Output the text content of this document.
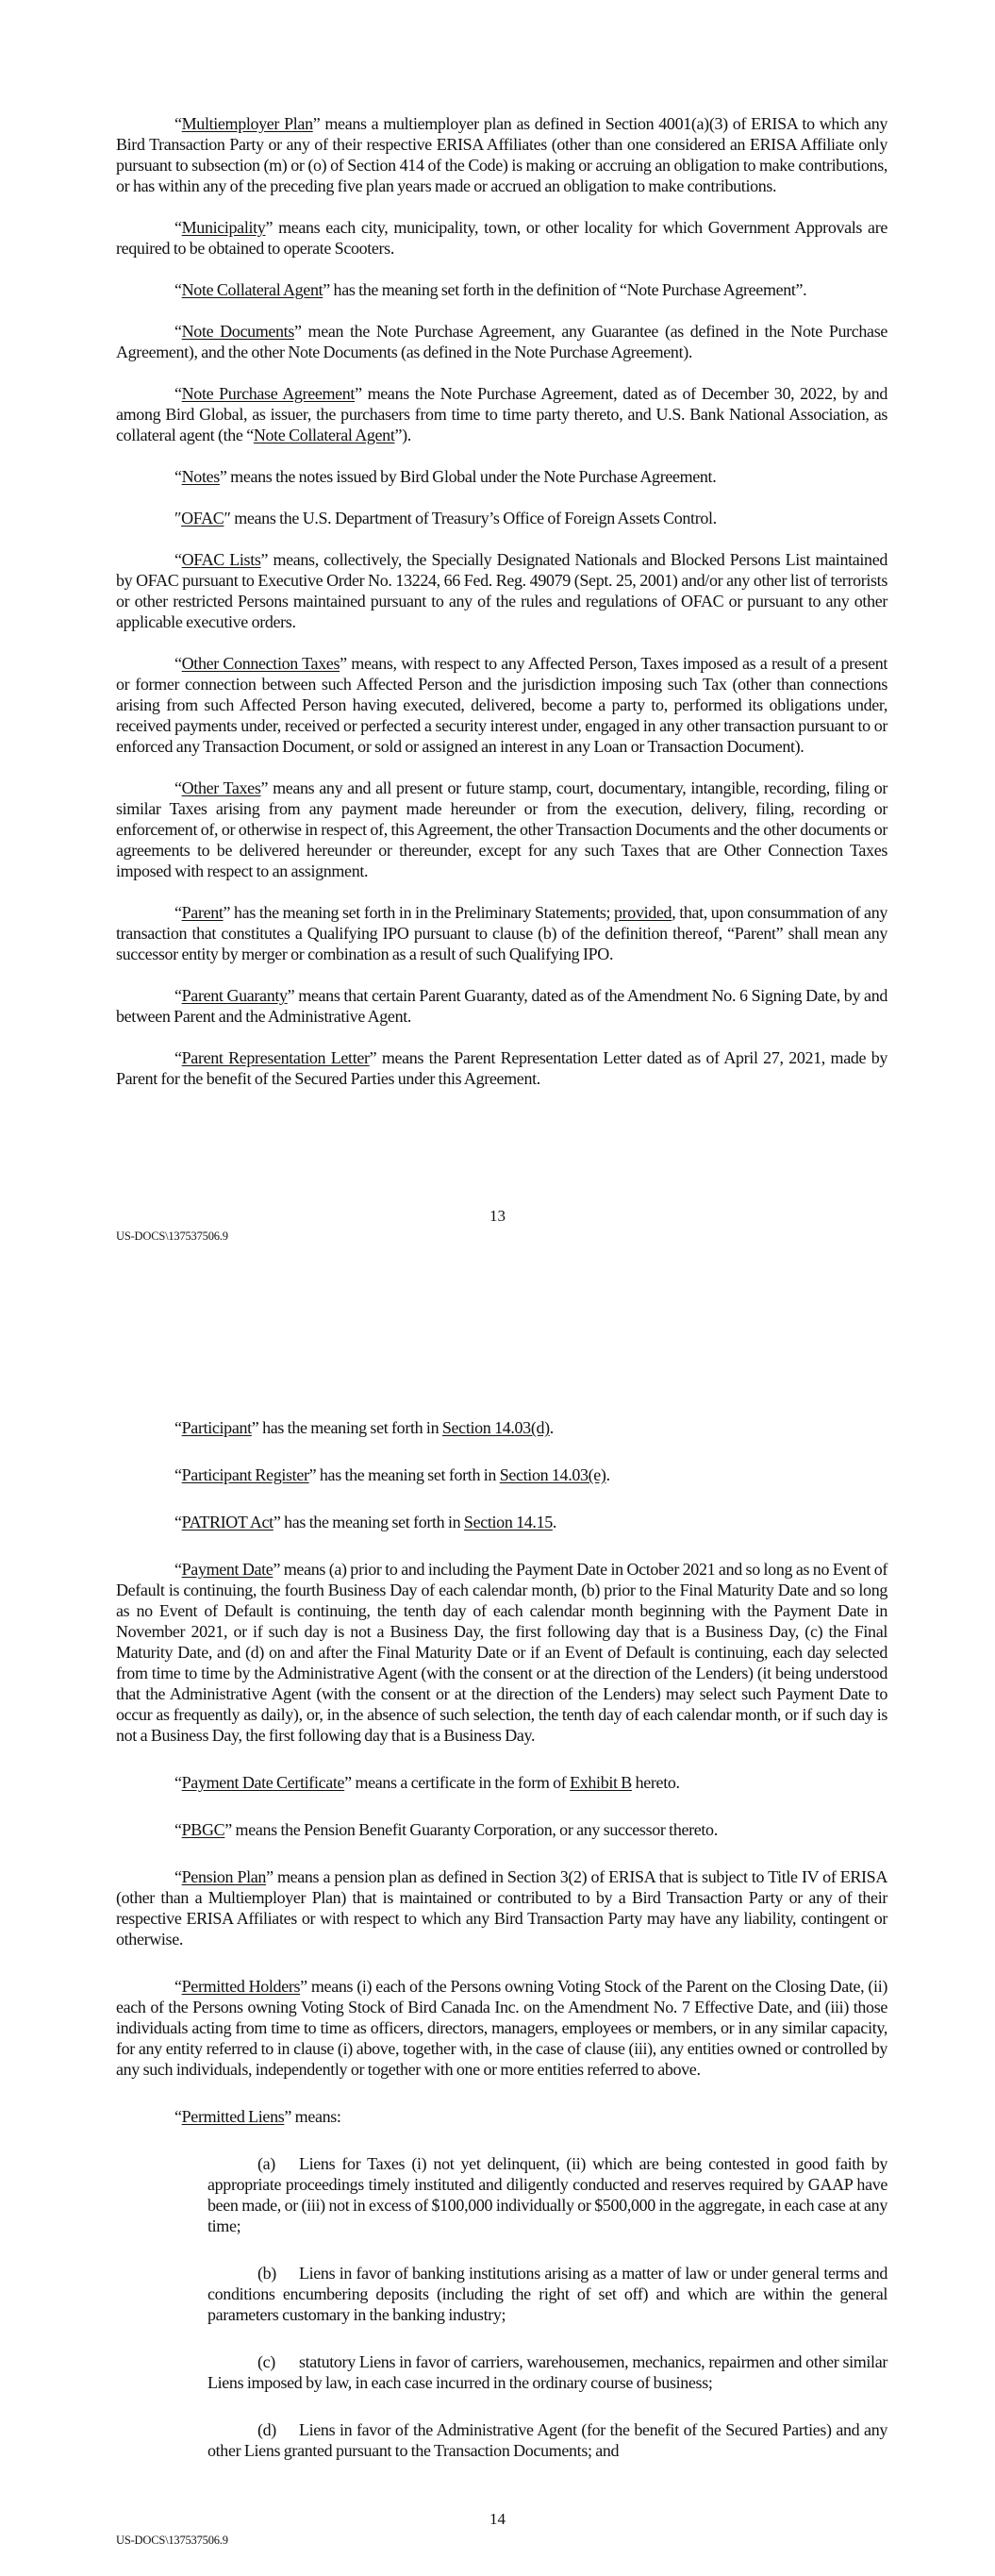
“Multiemployer Plan” means a multiemployer plan as defined in Section 4001(a)(3) of ERISA to which any Bird Transaction Party or any of their respective ERISA Affiliates (other than one considered an ERISA Affiliate only pursuant to subsection (m) or (o) of Section 414 of the Code) is making or accruing an obligation to make contributions, or has within any of the preceding five plan years made or accrued an obligation to make contributions.

“Municipality” means each city, municipality, town, or other locality for which Government Approvals are required to be obtained to operate Scooters.

“Note Collateral Agent” has the meaning set forth in the definition of “Note Purchase Agreement”.

“Note Documents” mean the Note Purchase Agreement, any Guarantee (as defined in the Note Purchase Agreement), and the other Note Documents (as defined in the Note Purchase Agreement).

“Note Purchase Agreement” means the Note Purchase Agreement, dated as of December 30, 2022, by and among Bird Global, as issuer, the purchasers from time to time party thereto, and U.S. Bank National Association, as collateral agent (the “Note Collateral Agent”).

“Notes” means the notes issued by Bird Global under the Note Purchase Agreement.

″OFAC″ means the U.S. Department of Treasury’s Office of Foreign Assets Control.

“OFAC Lists” means, collectively, the Specially Designated Nationals and Blocked Persons List maintained by OFAC pursuant to Executive Order No. 13224, 66 Fed. Reg. 49079 (Sept. 25, 2001) and/or any other list of terrorists or other restricted Persons maintained pursuant to any of the rules and regulations of OFAC or pursuant to any other applicable executive orders.

“Other Connection Taxes” means, with respect to any Affected Person, Taxes imposed as a result of a present or former connection between such Affected Person and the jurisdiction imposing such Tax (other than connections arising from such Affected Person having executed, delivered, become a party to, performed its obligations under, received payments under, received or perfected a security interest under, engaged in any other transaction pursuant to or enforced any Transaction Document, or sold or assigned an interest in any Loan or Transaction Document).

“Other Taxes” means any and all present or future stamp, court, documentary, intangible, recording, filing or similar Taxes arising from any payment made hereunder or from the execution, delivery, filing, recording or enforcement of, or otherwise in respect of, this Agreement, the other Transaction Documents and the other documents or agreements to be delivered hereunder or thereunder, except for any such Taxes that are Other Connection Taxes imposed with respect to an assignment.

“Parent” has the meaning set forth in in the Preliminary Statements; provided, that, upon consummation of any transaction that constitutes a Qualifying IPO pursuant to clause (b) of the definition thereof, “Parent” shall mean any successor entity by merger or combination as a result of such Qualifying IPO.

“Parent Guaranty” means that certain Parent Guaranty, dated as of the Amendment No. 6 Signing Date, by and between Parent and the Administrative Agent.

“Parent Representation Letter” means the Parent Representation Letter dated as of April 27, 2021, made by Parent for the benefit of the Secured Parties under this Agreement.

13
US-DOCS\137537506.9

“Participant” has the meaning set forth in Section 14.03(d).

“Participant Register” has the meaning set forth in Section 14.03(e).

“PATRIOT Act” has the meaning set forth in Section 14.15.

“Payment Date” means (a) prior to and including the Payment Date in October 2021 and so long as no Event of Default is continuing, the fourth Business Day of each calendar month, (b) prior to the Final Maturity Date and so long as no Event of Default is continuing, the tenth day of each calendar month beginning with the Payment Date in November 2021, or if such day is not a Business Day, the first following day that is a Business Day, (c) the Final Maturity Date, and (d) on and after the Final Maturity Date or if an Event of Default is continuing, each day selected from time to time by the Administrative Agent (with the consent or at the direction of the Lenders) (it being understood that the Administrative Agent (with the consent or at the direction of the Lenders) may select such Payment Date to occur as frequently as daily), or, in the absence of such selection, the tenth day of each calendar month, or if such day is not a Business Day, the first following day that is a Business Day.

“Payment Date Certificate” means a certificate in the form of Exhibit B hereto.

“PBGC” means the Pension Benefit Guaranty Corporation, or any successor thereto.

“Pension Plan” means a pension plan as defined in Section 3(2) of ERISA that is subject to Title IV of ERISA (other than a Multiemployer Plan) that is maintained or contributed to by a Bird Transaction Party or any of their respective ERISA Affiliates or with respect to which any Bird Transaction Party may have any liability, contingent or otherwise.

“Permitted Holders” means (i) each of the Persons owning Voting Stock of the Parent on the Closing Date, (ii) each of the Persons owning Voting Stock of Bird Canada Inc. on the Amendment No. 7 Effective Date, and (iii) those individuals acting from time to time as officers, directors, managers, employees or members, or in any similar capacity, for any entity referred to in clause (i) above, together with, in the case of clause (iii), any entities owned or controlled by any such individuals, independently or together with one or more entities referred to above.

“Permitted Liens” means:

(a) Liens for Taxes (i) not yet delinquent, (ii) which are being contested in good faith by appropriate proceedings timely instituted and diligently conducted and reserves required by GAAP have been made, or (iii) not in excess of $100,000 individually or $500,000 in the aggregate, in each case at any time;

(b) Liens in favor of banking institutions arising as a matter of law or under general terms and conditions encumbering deposits (including the right of set off) and which are within the general parameters customary in the banking industry;

(c) statutory Liens in favor of carriers, warehousemen, mechanics, repairmen and other similar Liens imposed by law, in each case incurred in the ordinary course of business;

(d) Liens in favor of the Administrative Agent (for the benefit of the Secured Parties) and any other Liens granted pursuant to the Transaction Documents; and

14
US-DOCS\137537506.9
